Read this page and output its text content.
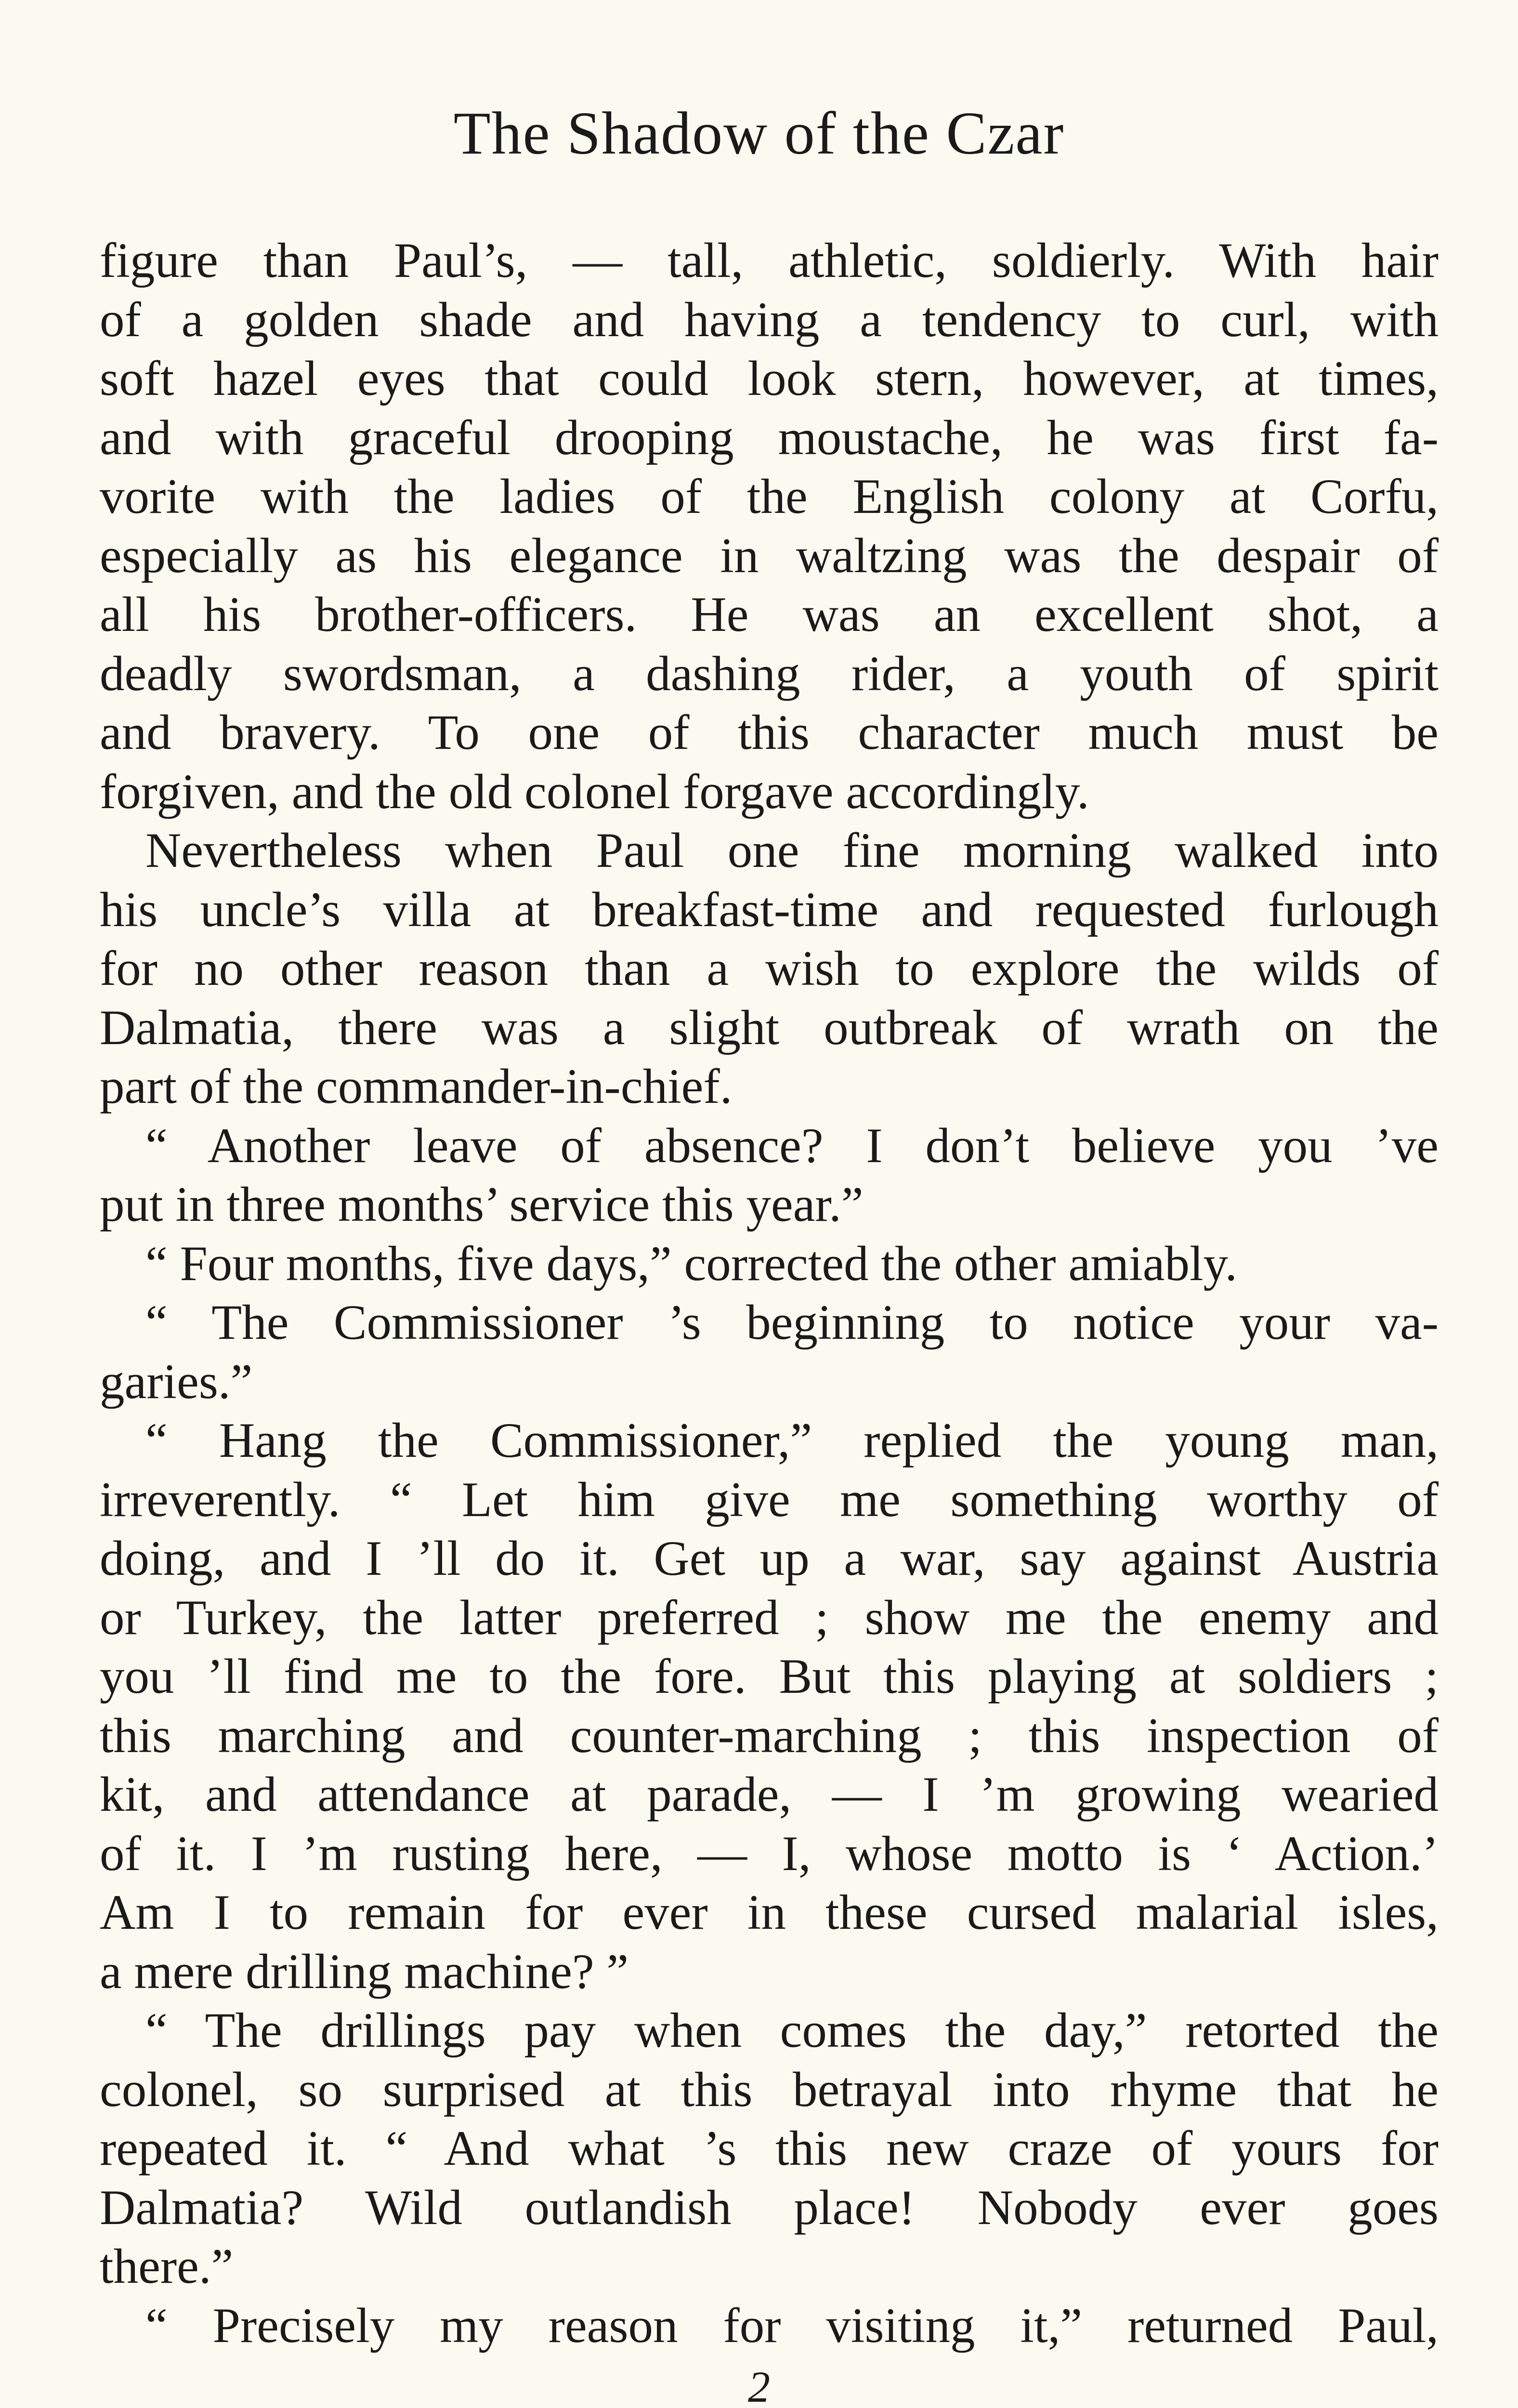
The Shadow of the Czar
figure than Paul’s, — tall, athletic, soldierly. With hair
of a golden shade and having a tendency to curl, with
soft hazel eyes that could look stern, however, at times,
and with graceful drooping moustache, he was first fa-
vorite with the ladies of the English colony at Corfu,
especially as his elegance in waltzing was the despair of
all his brother-officers. He was an excellent shot, a
deadly swordsman, a dashing rider, a youth of spirit
and bravery. To one of this character much must be
forgiven, and the old colonel forgave accordingly.
Nevertheless when Paul one fine morning walked into
his uncle’s villa at breakfast-time and requested furlough
for no other reason than a wish to explore the wilds of
Dalmatia, there was a slight outbreak of wrath on the
part of the commander-in-chief.
“ Another leave of absence? I don’t believe you ’ve
put in three months’ service this year.”
“ Four months, five days,” corrected the other amiably.
“ The Commissioner ’s beginning to notice your va-
garies.”
“ Hang the Commissioner,” replied the young man,
irreverently. “ Let him give me something worthy of
doing, and I ’ll do it. Get up a war, say against Austria
or Turkey, the latter preferred ; show me the enemy and
you ’ll find me to the fore. But this playing at soldiers ;
this marching and counter-marching ; this inspection of
kit, and attendance at parade, — I ’m growing wearied
of it. I ’m rusting here, — I, whose motto is ‘ Action.’
Am I to remain for ever in these cursed malarial isles,
a mere drilling machine? ”
“ The drillings pay when comes the day,” retorted the
colonel, so surprised at this betrayal into rhyme that he
repeated it. “ And what ’s this new craze of yours for
Dalmatia? Wild outlandish place! Nobody ever goes
there.”
“ Precisely my reason for visiting it,” returned Paul,
2
